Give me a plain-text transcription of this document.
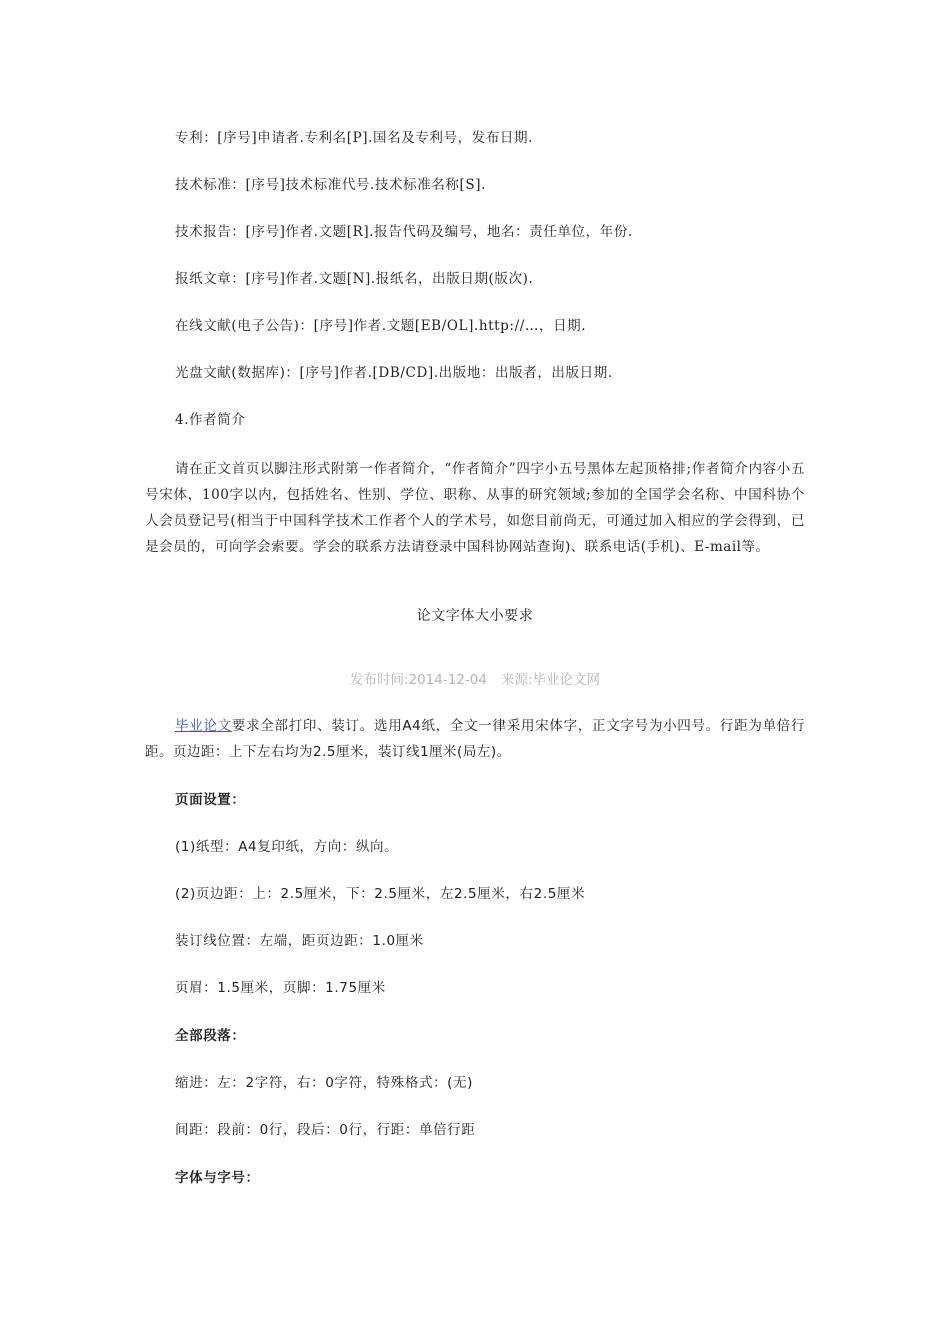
专利：[序号]申请者.专利名[P].国名及专利号，发布日期.
技术标准：[序号]技术标准代号.技术标准名称[S].
技术报告：[序号]作者.文题[R].报告代码及编号，地名：责任单位，年份.
报纸文章：[序号]作者.文题[N].报纸名，出版日期(版次).
在线文献(电子公告)：[序号]作者.文题[EB/OL].http://…，日期.
光盘文献(数据库)：[序号]作者.[DB/CD].出版地：出版者，出版日期.
4.作者简介
请在正文首页以脚注形式附第一作者简介，“作者简介”四字小五号黑体左起顶格排;作者简介内容小五号宋体，100字以内，包括姓名、性别、学位、职称、从事的研究领域;参加的全国学会名称、中国科协个人会员登记号(相当于中国科学技术工作者个人的学术号，如您目前尚无，可通过加入相应的学会得到，已是会员的，可向学会索要。学会的联系方法请登录中国科协网站查询)、联系电话(手机)、E-mail等。
论文字体大小要求
发布时间:2014-12-04 来源:毕业论文网
毕业论文要求全部打印、装订。选用A4纸，全文一律采用宋体字，正文字号为小四号。行距为单倍行距。页边距：上下左右均为2.5厘米，装订线1厘米(局左)。
页面设置：
(1)纸型：A4复印纸，方向：纵向。
(2)页边距：上：2.5厘米，下：2.5厘米，左2.5厘米，右2.5厘米
装订线位置：左端，距页边距：1.0厘米
页眉：1.5厘米，页脚：1.75厘米
全部段落：
缩进：左：2字符，右：0字符，特殊格式：(无)
间距：段前：0行，段后：0行，行距：单倍行距
字体与字号：
